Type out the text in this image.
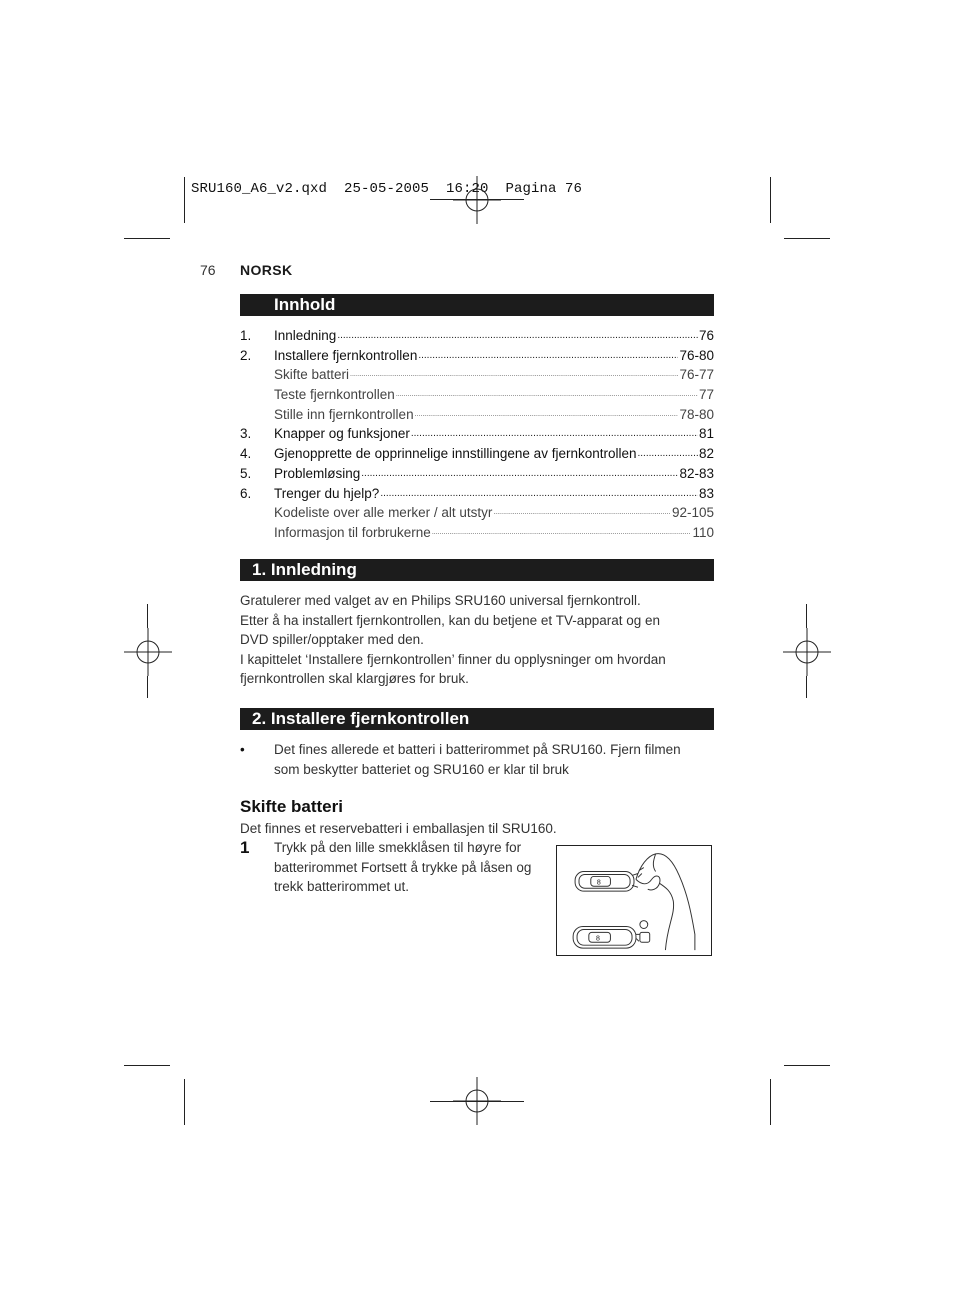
SRU160_A6_v2.qxd  25-05-2005  16:20  Pagina 76
76 NORSK
Innhold
1. Innledning .....	76
2. Installere fjernkontrollen .....	76-80
Skifte batteri .....	76-77
Teste fjernkontrollen .....	77
Stille inn fjernkontrollen .....	78-80
3. Knapper og funksjoner .....	81
4. Gjenopprette de opprinnelige innstillingene av fjernkontrollen .....	82
5. Problemløsing .....	82-83
6. Trenger du hjelp? .....	83
Kodeliste over alle merker / alt utstyr .....	92-105
Informasjon til forbrukerne .....	110
1. Innledning

Gratulerer med valget av en Philips SRU160 universal fjernkontroll.

Etter å ha installert fjernkontrollen, kan du betjene et TV-apparat og en

DVD spiller/opptaker med den.

I kapittelet ‘Installere fjernkontrollen’ finner du opplysninger om hvordan

fjernkontrollen skal klargjøres for bruk.

2. Installere fjernkontrollen
• Det fines allerede et batteri i batterirommet på SRU160. Fjern filmen
som beskytter batteriet og SRU160 er klar til bruk
Skifte batteri
Det finnes et reservebatteri i emballasjen til SRU160.
1 Trykk på den lille smekklåsen til høyre for
batterirommet Fortsett å trykke på låsen og
trekk batterirommet ut.	8
8
